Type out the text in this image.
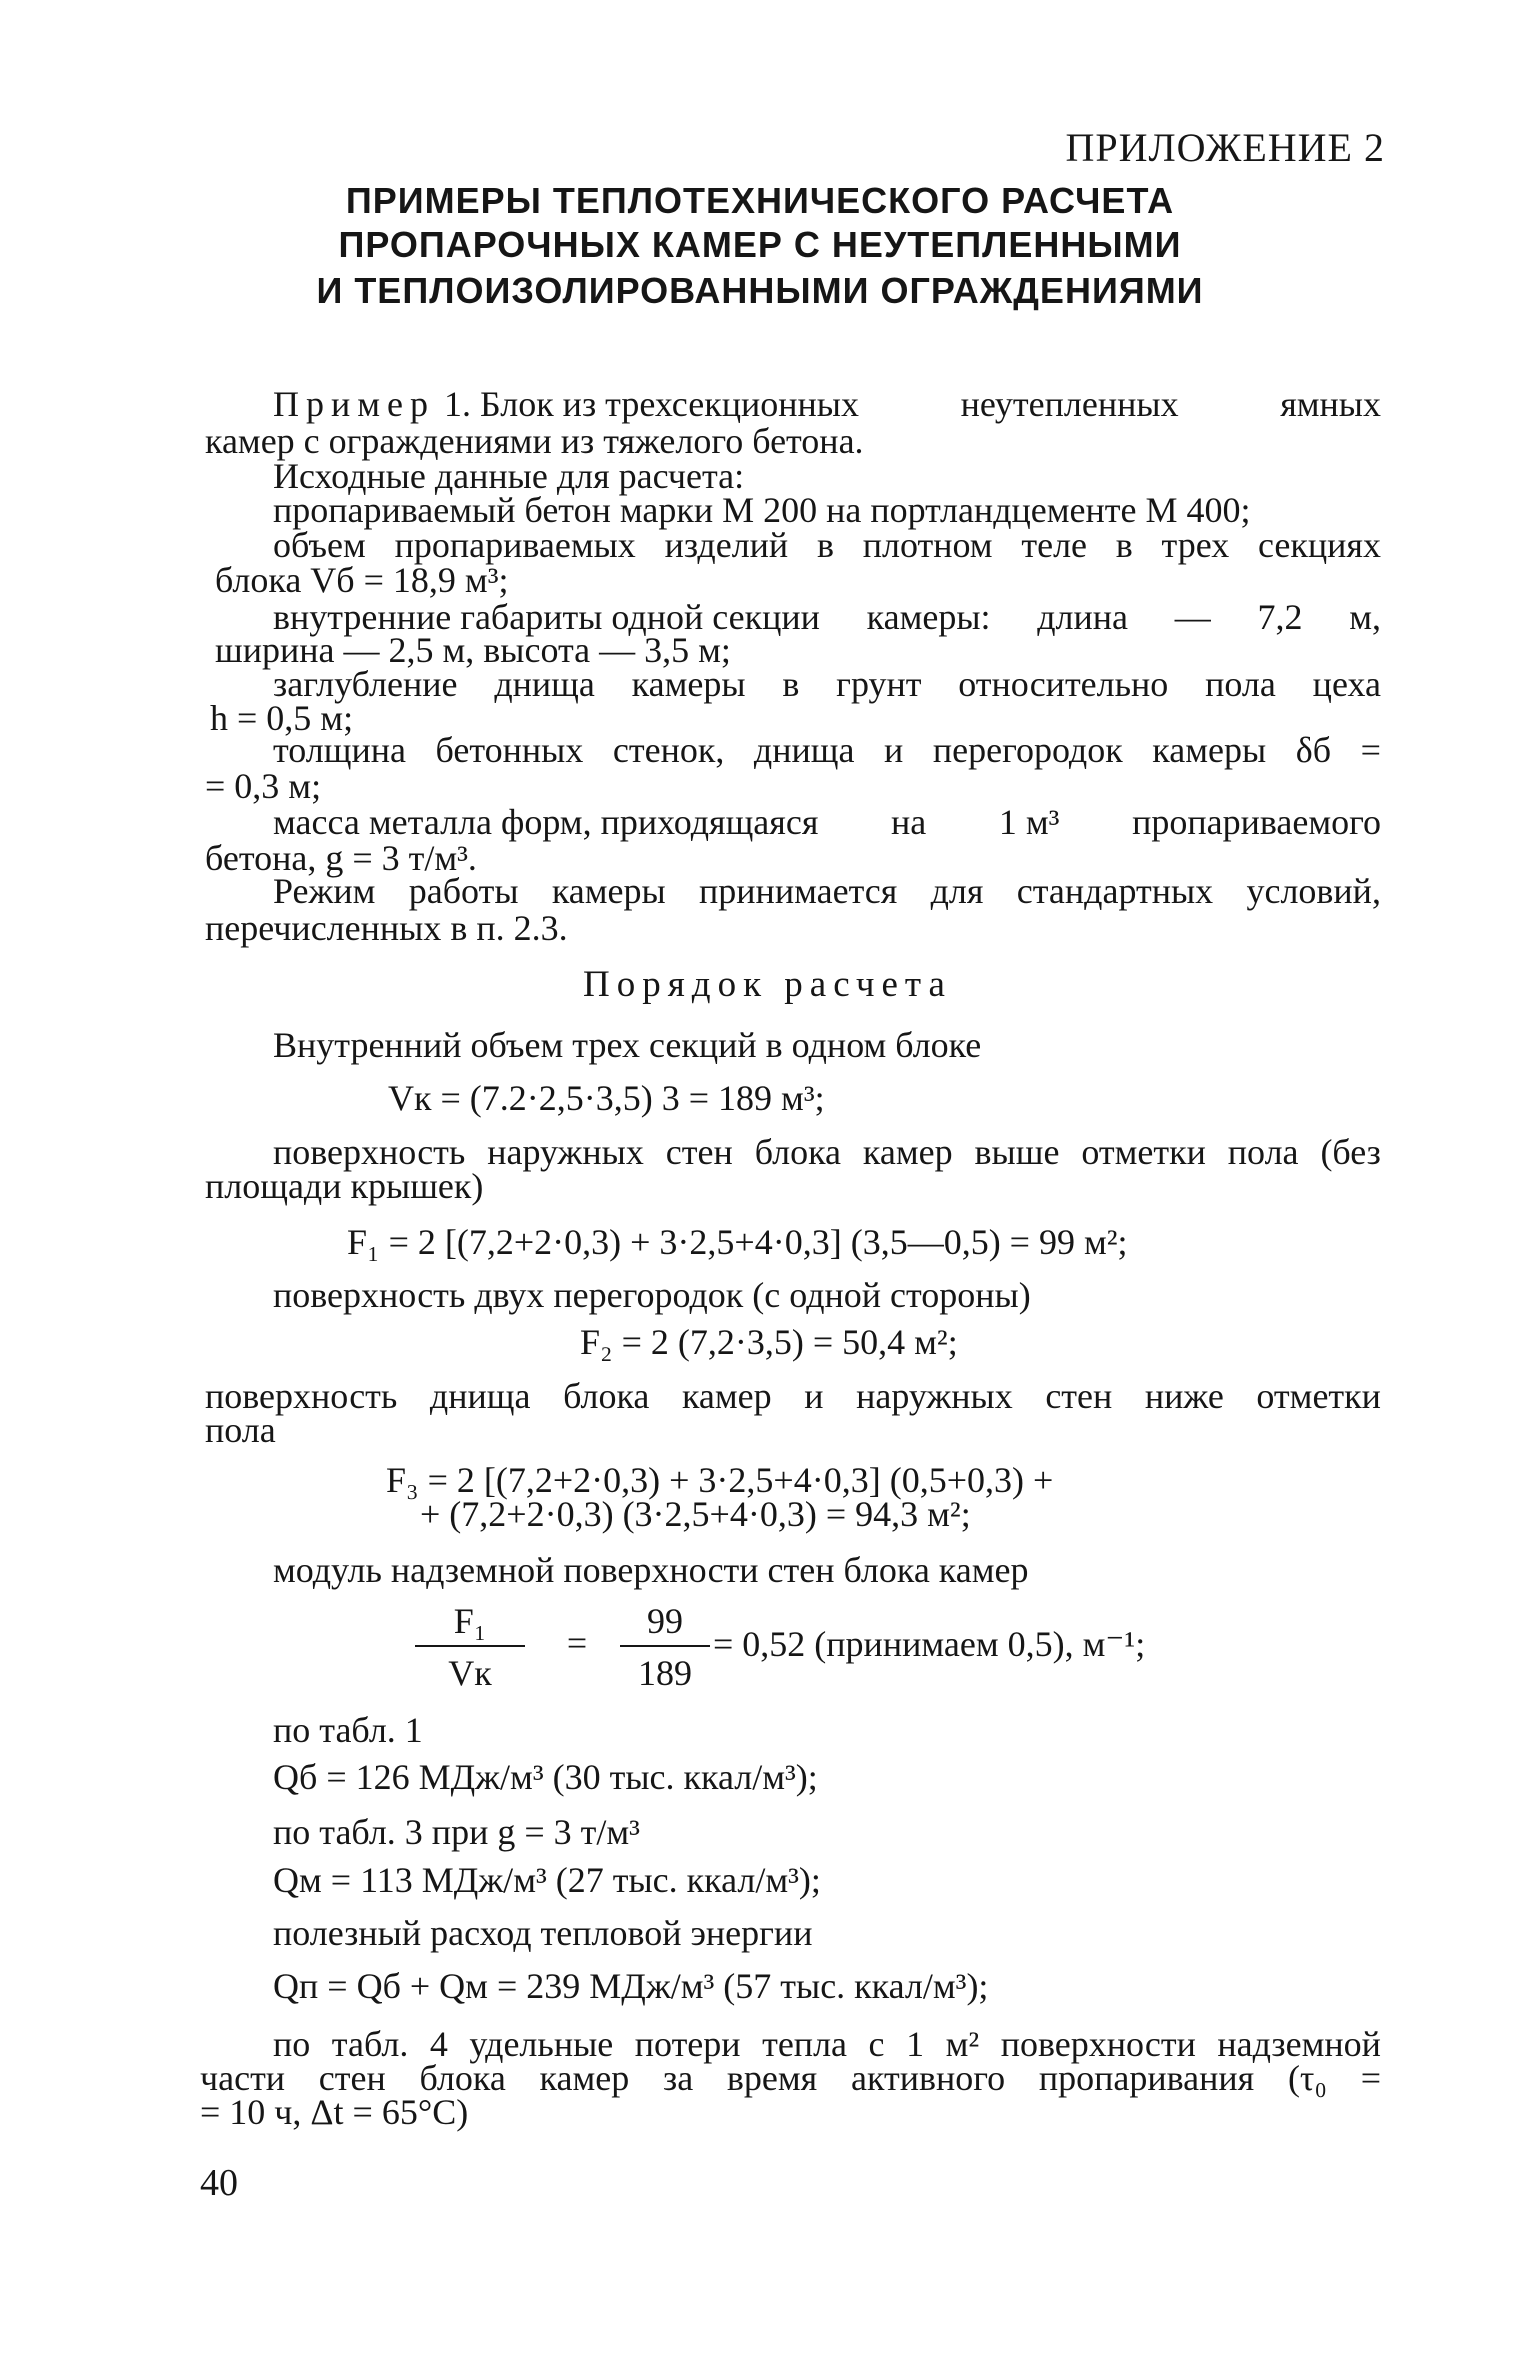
ПРИЛОЖЕНИЕ 2
ПРИМЕРЫ ТЕПЛОТЕХНИЧЕСКОГО РАСЧЕТА
ПРОПАРОЧНЫХ КАМЕР С НЕУТЕПЛЕННЫМИ
И ТЕПЛОИЗОЛИРОВАННЫМИ ОГРАЖДЕНИЯМИ
Пример 1. Блок из трехсекционных	неутепленных	ямных
камер с ограждениями из тяжелого бетона.
Исходные данные для расчета:
пропариваемый бетон марки М 200 на портландцементе М 400;
объем пропариваемых изделий в плотном теле в трех секциях
блока Vб = 18,9 м³;
внутренние габариты одной секции камеры: длина — 7,2 м,
ширина — 2,5 м, высота — 3,5 м;
заглубление днища камеры в грунт относительно пола цеха
h = 0,5 м;
толщина бетонных стенок, днища и перегородок камеры δб =
= 0,3 м;
масса металла форм, приходящаяся на 1 м³ пропариваемого
бетона, g = 3 т/м³.
Режим работы камеры принимается для стандартных условий,
перечисленных в п. 2.3.
Порядок расчета
Внутренний объем трех секций в одном блоке
Vк = (7.2·2,5·3,5) 3 = 189 м³;
поверхность наружных стен блока камер выше отметки пола (без
площади крышек)
F₁ = 2 [(7,2+2·0,3) + 3·2,5+4·0,3] (3,5—0,5) = 99 м²;
поверхность двух перегородок (с одной стороны)
F₂ = 2 (7,2·3,5) = 50,4 м²;
поверхность днища блока камер и наружных стен ниже отметки
пола
F₃ = 2 [(7,2+2·0,3) + 3·2,5+4·0,3] (0,5+0,3) +
+ (7,2+2·0,3) (3·2,5+4·0,3) = 94,3 м²;
модуль надземной поверхности стен блока камер
F₁
Vк
=
99
189
= 0,52 (принимаем 0,5), м⁻¹;
по табл. 1
Qб = 126 МДж/м³ (30 тыс. ккал/м³);
по табл. 3 при g = 3 т/м³
Qм = 113 МДж/м³ (27 тыс. ккал/м³);
полезный расход тепловой энергии
Qп = Qб + Qм = 239 МДж/м³ (57 тыс. ккал/м³);
по табл. 4 удельные потери тепла с 1 м² поверхности надземной
части стен блока камер за время активного пропаривания (τ₀ =
= 10 ч, Δt = 65°С)
40
